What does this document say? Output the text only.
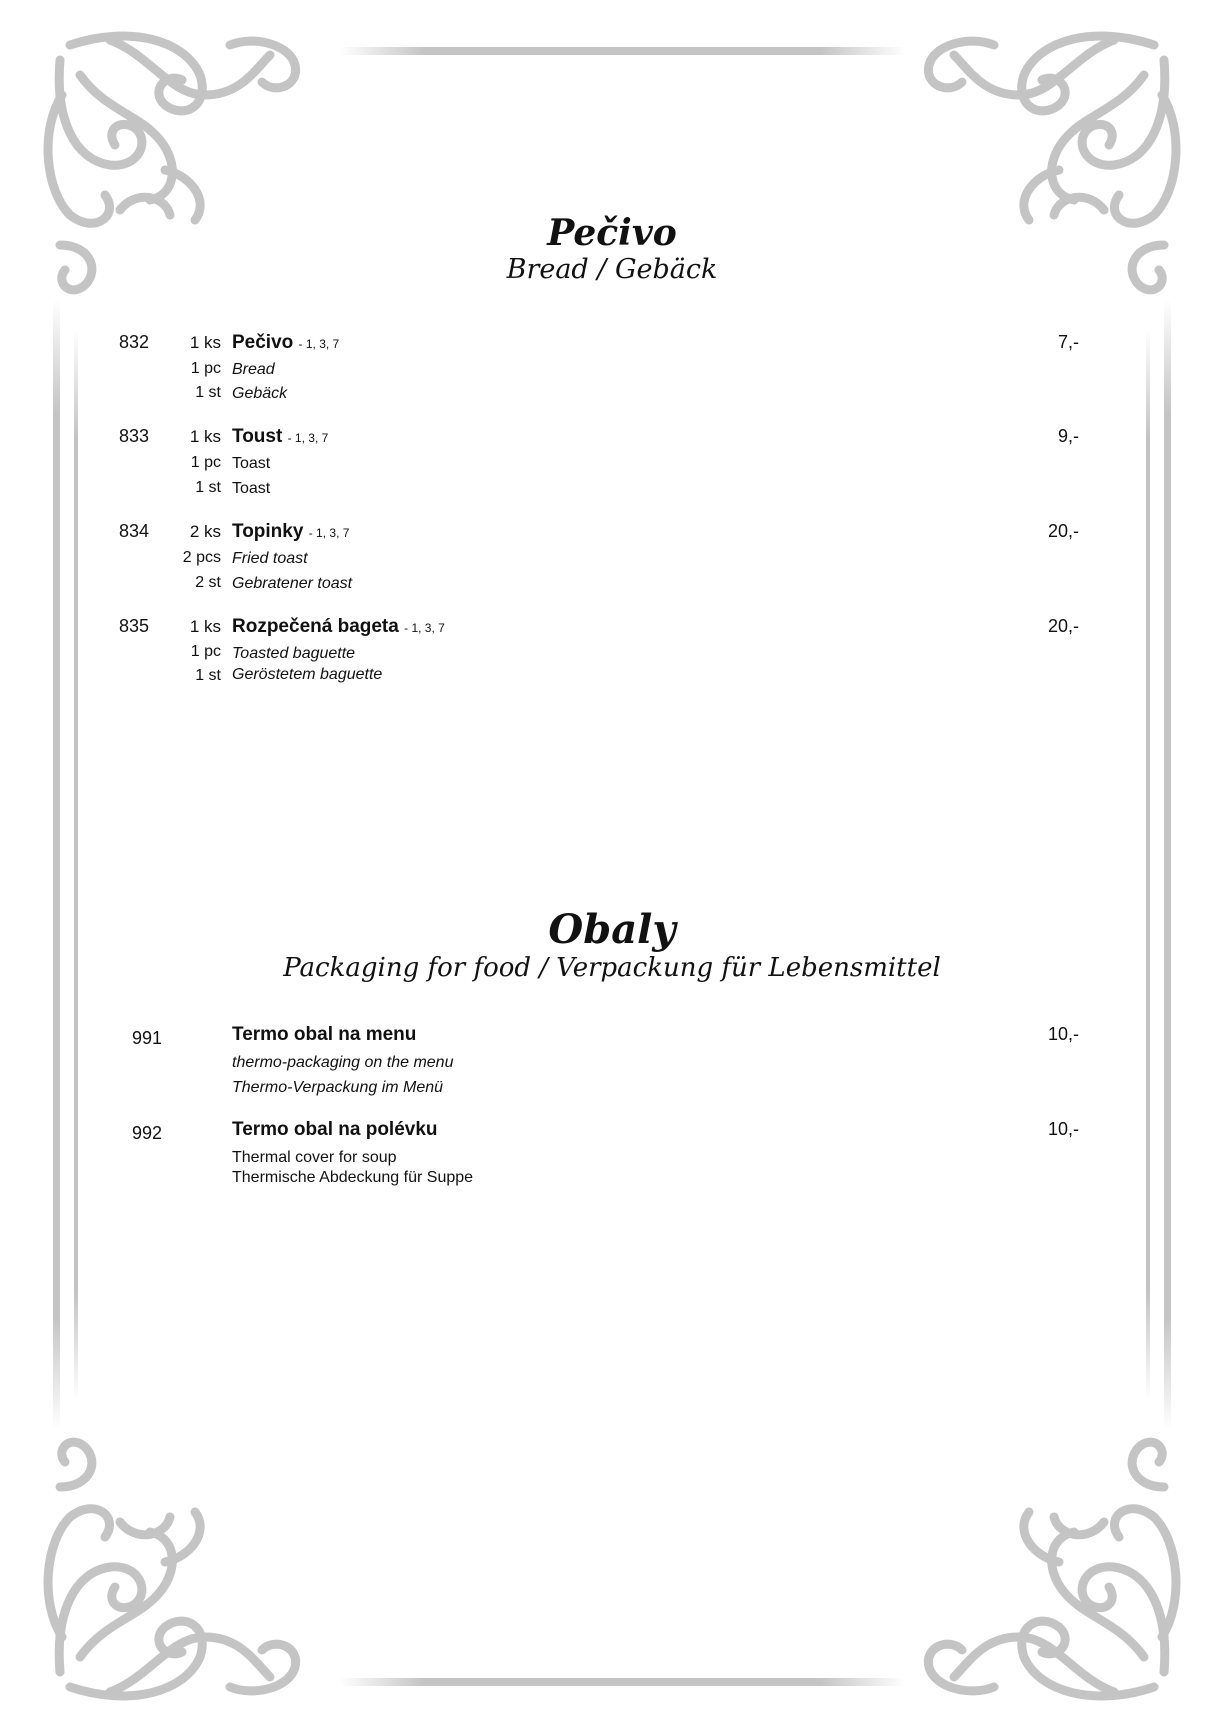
Pečivo
Bread / Gebäck
832 1 ks
1 pc
1 st
Pečivo - 1, 3, 7
Bread
Gebäck
7,-
833 1 ks
1 pc
1 st
Toust - 1, 3, 7
Toast
Toast
9,-
834 2 ks
2 pcs
2 st
Topinky - 1, 3, 7
Fried toast
Gebratener toast
20,-
835 1 ks
1 pc
1 st
Rozpečená bageta - 1, 3, 7
Toasted baguette
Geröstetem baguette
20,-
Obaly
Packaging for food / Verpackung für Lebensmittel
991	Termo obal na menu
thermo-packaging on the menu
Thermo-Verpackung im Menü
10,-
992	Termo obal na polévku
Thermal cover for soup
Thermische Abdeckung für Suppe
10,-
